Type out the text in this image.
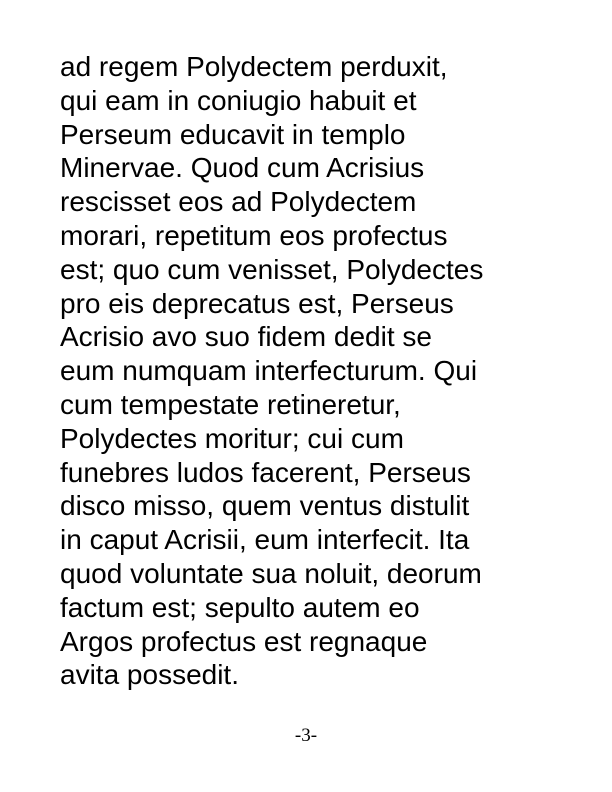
ad regem Polydectem perduxit,
qui eam in coniugio habuit et
Perseum educavit in templo
Minervae. Quod cum Acrisius
rescisset eos ad Polydectem
morari, repetitum eos profectus
est; quo cum venisset, Polydectes
pro eis deprecatus est, Perseus
Acrisio avo suo fidem dedit se
eum numquam interfecturum. Qui
cum tempestate retineretur,
Polydectes moritur; cui cum
funebres ludos facerent, Perseus
disco misso, quem ventus distulit
in caput Acrisii, eum interfecit. Ita
quod voluntate sua noluit, deorum
factum est; sepulto autem eo
Argos profectus est regnaque
avita possedit.
-3-
